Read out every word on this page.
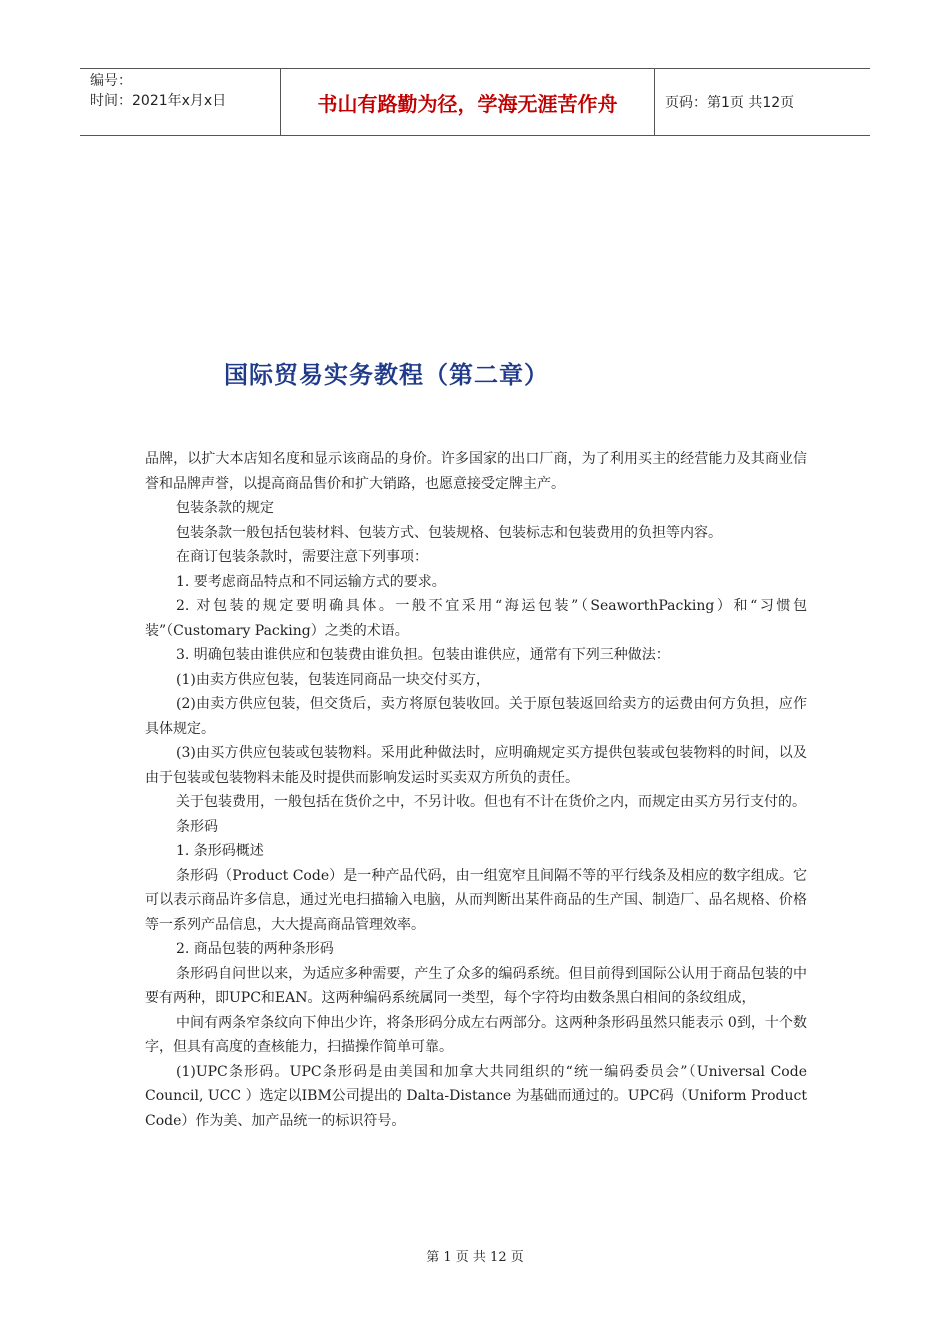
编号：
时间：2021年x月x日	书山有路勤为径，学海无涯苦作舟	页码：第1页 共12页
国际贸易实务教程（第二章）

品牌，以扩大本店知名度和显示该商品的身价。许多国家的出口厂商，为了利用买主的经营能力及其商业信誉和品牌声誉，以提高商品售价和扩大销路，也愿意接受定牌主产。

包装条款的规定

包装条款一般包括包装材料、包装方式、包装规格、包装标志和包装费用的负担等内容。

在商订包装条款时，需要注意下列事项：

1. 要考虑商品特点和不同运输方式的要求。

2. 对包装的规定要明确具体。一般不宜采用“海运包装”（SeaworthPacking）和“习惯包装”（Customary Packing）之类的术语。

3. 明确包装由谁供应和包装费由谁负担。包装由谁供应，通常有下列三种做法：

(1)由卖方供应包装，包装连同商品一块交付买方，

(2)由卖方供应包装，但交货后，卖方将原包装收回。关于原包装返回给卖方的运费由何方负担，应作具体规定。

(3)由买方供应包装或包装物料。采用此种做法时，应明确规定买方提供包装或包装物料的时间，以及由于包装或包装物料未能及时提供而影响发运时买卖双方所负的责任。

关于包装费用，一般包括在货价之中，不另计收。但也有不计在货价之内，而规定由买方另行支付的。

条形码

1. 条形码概述

条形码（Product Code）是一种产品代码，由一组宽窄且间隔不等的平行线条及相应的数字组成。它可以表示商品许多信息，通过光电扫描输入电脑，从而判断出某件商品的生产国、制造厂、品名规格、价格等一系列产品信息，大大提高商品管理效率。

2. 商品包装的两种条形码

条形码自问世以来，为适应多种需要，产生了众多的编码系统。但目前得到国际公认用于商品包装的中要有两种，即UPC和EAN。这两种编码系统属同一类型，每个字符均由数条黑白相间的条纹组成，

中间有两条窄条纹向下伸出少许，将条形码分成左右两部分。这两种条形码虽然只能表示 0到，十个数字，但具有高度的查核能力，扫描操作简单可靠。

(1)UPC条形码。UPC条形码是由美国和加拿大共同组织的“统一编码委员会”（Universal Code Council, UCC ）选定以IBM公司提出的 Dalta-Distance 为基础而通过的。UPC码（Uniform Product Code）作为美、加产品统一的标识符号。

第 1 页 共 12 页
